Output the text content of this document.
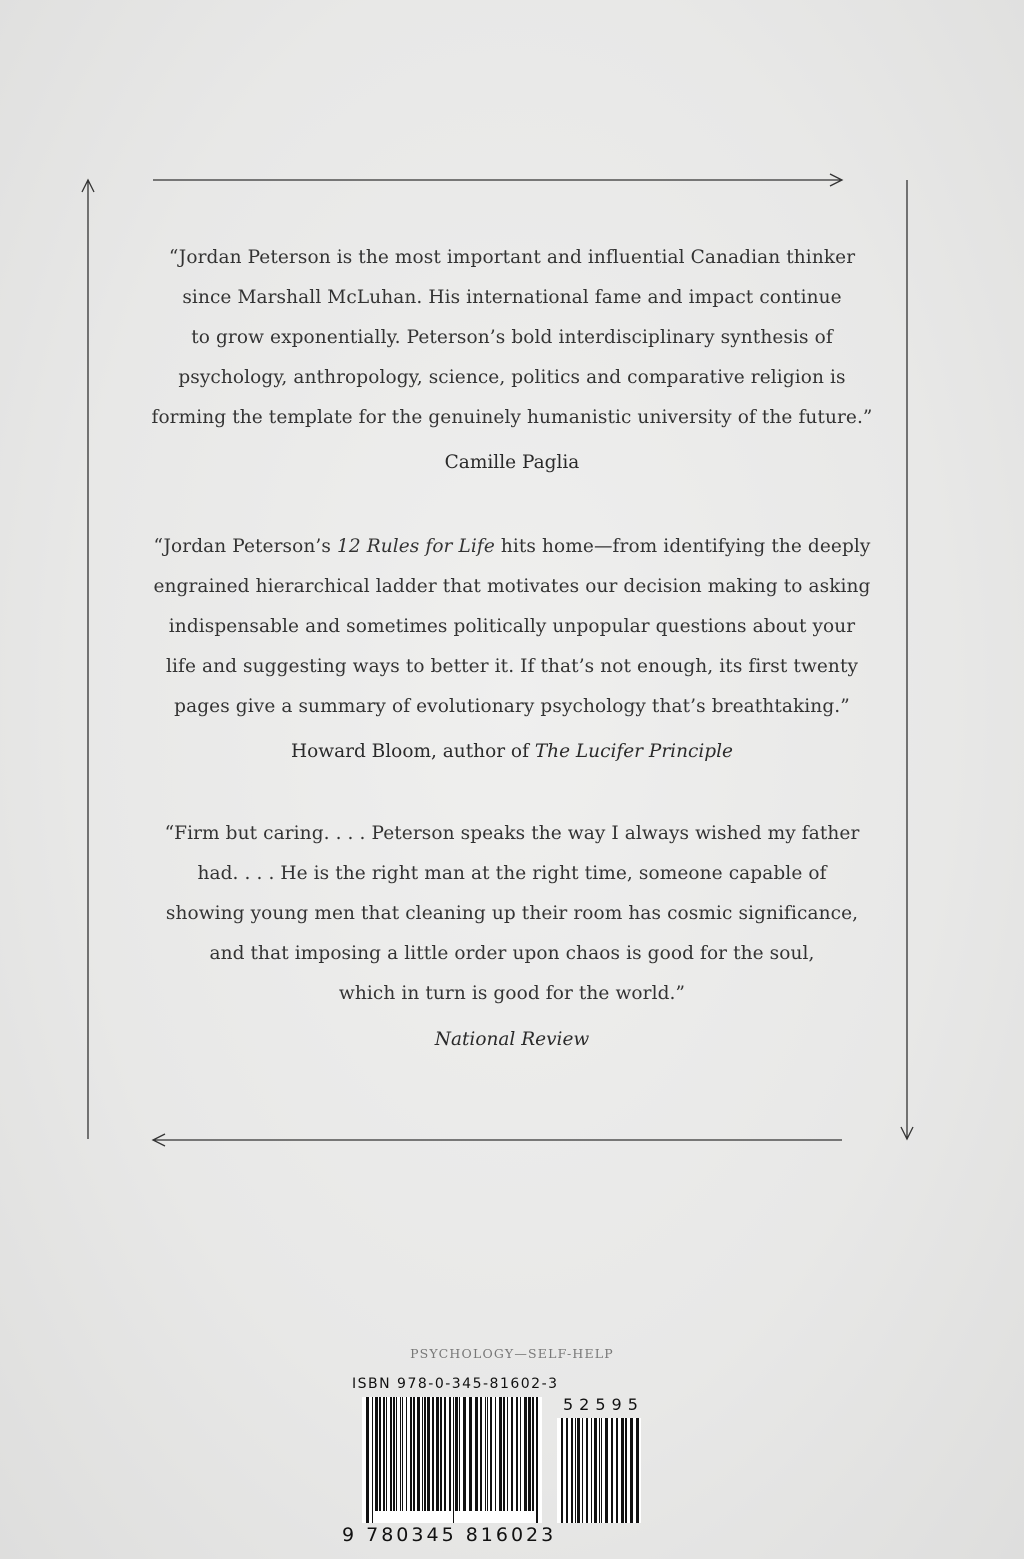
“Jordan Peterson is the most important and influential Canadian thinker
since Marshall McLuhan. His international fame and impact continue
to grow exponentially. Peterson’s bold interdisciplinary synthesis of
psychology, anthropology, science, politics and comparative religion is
forming the template for the genuinely humanistic university of the future.”
Camille Paglia
“Jordan Peterson’s 12 Rules for Life hits home—from identifying the deeply
engrained hierarchical ladder that motivates our decision making to asking
indispensable and sometimes politically unpopular questions about your
life and suggesting ways to better it. If that’s not enough, its first twenty
pages give a summary of evolutionary psychology that’s breathtaking.”
Howard Bloom, author of The Lucifer Principle
“Firm but caring. . . . Peterson speaks the way I always wished my father
had. . . . He is the right man at the right time, someone capable of
showing young men that cleaning up their room has cosmic significance,
and that imposing a little order upon chaos is good for the soul,
which in turn is good for the world.”
National Review
PSYCHOLOGY—SELF-HELP
ISBN 978-0-345-81602-3
9 780345 816023
52595
